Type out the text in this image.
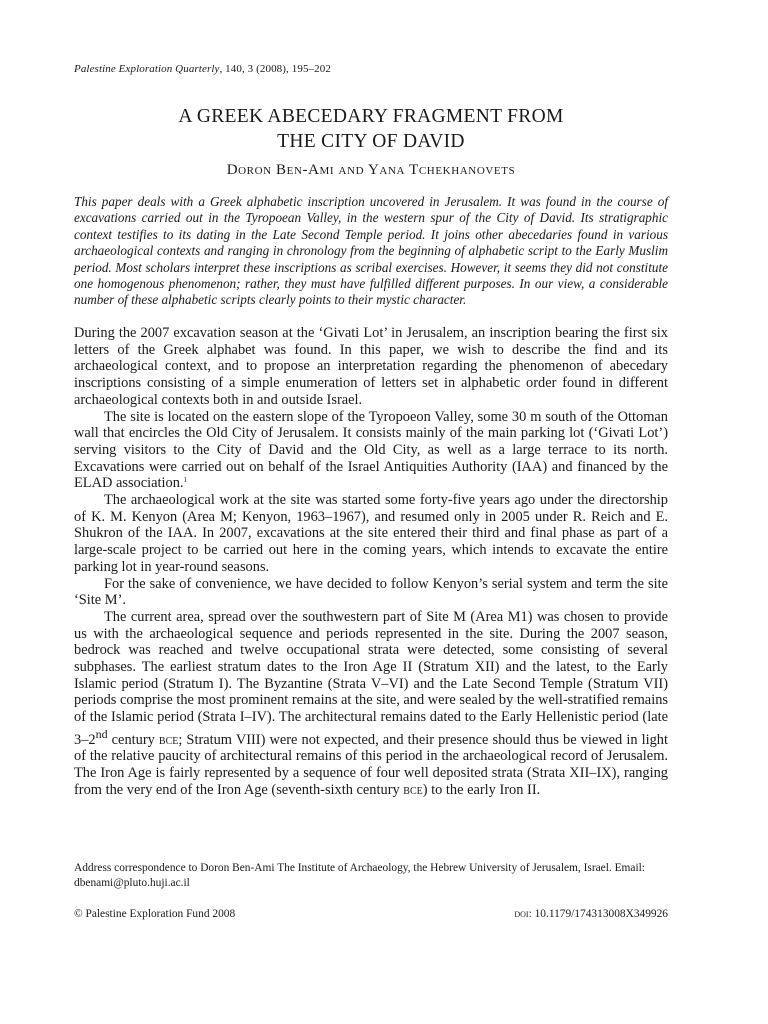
Palestine Exploration Quarterly, 140, 3 (2008), 195–202
A GREEK ABECEDARY FRAGMENT FROM
THE CITY OF DAVID
Doron Ben-Ami and Yana Tchekhanovets

This paper deals with a Greek alphabetic inscription uncovered in Jerusalem. It was found in the course of excavations carried out in the Tyropoean Valley, in the western spur of the City of David. Its stratigraphic context testifies to its dating in the Late Second Temple period. It joins other abecedaries found in various archaeological contexts and ranging in chronology from the beginning of alphabetic script to the Early Muslim period. Most scholars interpret these inscriptions as scribal exercises. However, it seems they did not constitute one homogenous phenomenon; rather, they must have fulfilled different purposes. In our view, a considerable number of these alphabetic scripts clearly points to their mystic character.

During the 2007 excavation season at the ‘Givati Lot’ in Jerusalem, an inscription bearing the first six letters of the Greek alphabet was found. In this paper, we wish to describe the find and its archaeological context, and to propose an interpretation regarding the phenomenon of abecedary inscriptions consisting of a simple enumeration of letters set in alphabetic order found in different archaeological contexts both in and outside Israel.

The site is located on the eastern slope of the Tyropoeon Valley, some 30 m south of the Ottoman wall that encircles the Old City of Jerusalem. It consists mainly of the main parking lot (‘Givati Lot’) serving visitors to the City of David and the Old City, as well as a large terrace to its north. Excavations were carried out on behalf of the Israel Antiquities Authority (IAA) and financed by the ELAD association.$^1$

The archaeological work at the site was started some forty-five years ago under the directorship of K. M. Kenyon (Area M; Kenyon, 1963–1967), and resumed only in 2005 under R. Reich and E. Shukron of the IAA. In 2007, excavations at the site entered their third and final phase as part of a large-scale project to be carried out here in the coming years, which intends to excavate the entire parking lot in year-round seasons.

For the sake of convenience, we have decided to follow Kenyon’s serial system and term the site ‘Site M’.

The current area, spread over the southwestern part of Site M (Area M1) was chosen to provide us with the archaeological sequence and periods represented in the site. During the 2007 season, bedrock was reached and twelve occupational strata were detected, some consisting of several subphases. The earliest stratum dates to the Iron Age II (Stratum XII) and the latest, to the Early Islamic period (Stratum I). The Byzantine (Strata V–VI) and the Late Second Temple (Stratum VII) periods comprise the most prominent remains at the site, and were sealed by the well-stratified remains of the Islamic period (Strata I–IV). The architectural remains dated to the Early Hellenistic period (late 3–2nd century bce; Stratum VIII) were not expected, and their presence should thus be viewed in light of the relative paucity of architectural remains of this period in the archaeological record of Jerusalem. The Iron Age is fairly represented by a sequence of four well deposited strata (Strata XII–IX), ranging from the very end of the Iron Age (seventh-sixth century bce) to the early Iron II.

Address correspondence to Doron Ben-Ami The Institute of Archaeology, the Hebrew University of Jerusalem, Israel. Email: dbenami@pluto.huji.ac.il

© Palestine Exploration Fund 2008	doi: 10.1179/174313008X349926
